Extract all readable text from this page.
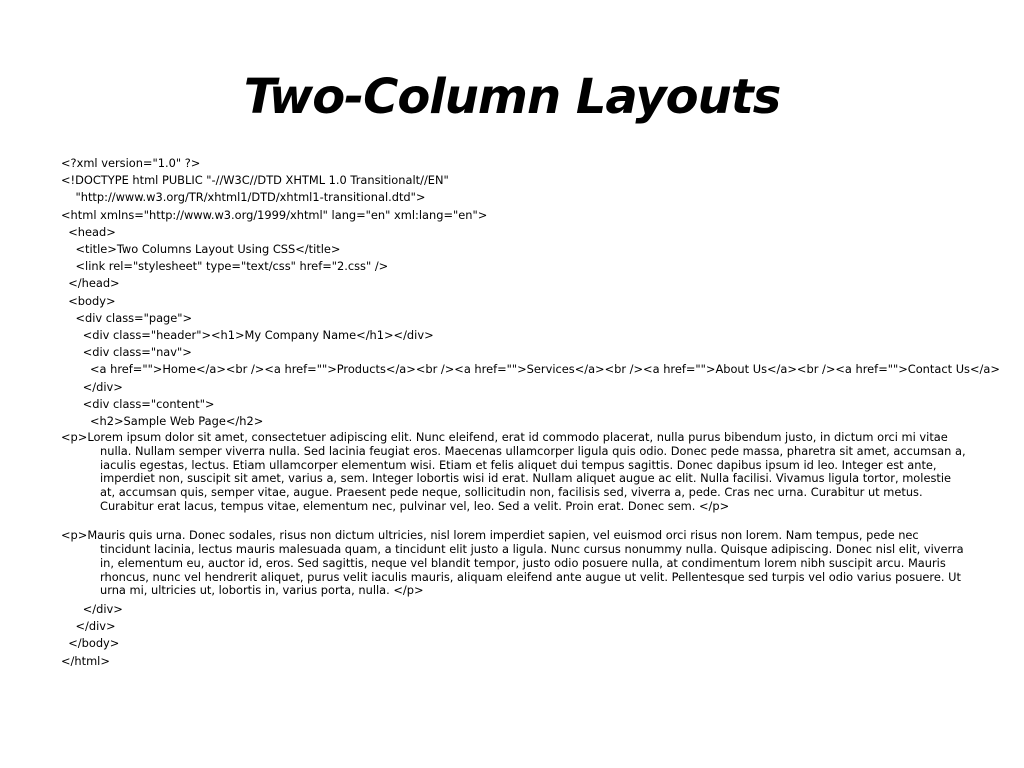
Two-Column Layouts
<?xml version="1.0" ?>
<!DOCTYPE html PUBLIC "-//W3C//DTD XHTML 1.0 Transitionalt//EN"
"http://www.w3.org/TR/xhtml1/DTD/xhtml1-transitional.dtd">
<html xmlns="http://www.w3.org/1999/xhtml" lang="en" xml:lang="en">
<head>
<title>Two Columns Layout Using CSS</title>
<link rel="stylesheet" type="text/css" href="2.css" />
</head>
<body>
<div class="page">
<div class="header"><h1>My Company Name</h1></div>
<div class="nav">
<a href="">Home</a><br /><a href="">Products</a><br /><a href="">Services</a><br /><a href="">About Us</a><br /><a href="">Contact Us</a>
</div>
<div class="content">
<h2>Sample Web Page</h2>
<p>Lorem ipsum dolor sit amet, consectetuer adipiscing elit. Nunc eleifend, erat id commodo placerat, nulla purus bibendum justo, in dictum orci mi vitae nulla. Nullam semper viverra nulla. Sed lacinia feugiat eros. Maecenas ullamcorper ligula quis odio. Donec pede massa, pharetra sit amet, accumsan a, iaculis egestas, lectus. Etiam ullamcorper elementum wisi. Etiam et felis aliquet dui tempus sagittis. Donec dapibus ipsum id leo. Integer est ante, imperdiet non, suscipit sit amet, varius a, sem. Integer lobortis wisi id erat. Nullam aliquet augue ac elit. Nulla facilisi. Vivamus ligula tortor, molestie at, accumsan quis, semper vitae, augue. Praesent pede neque, sollicitudin non, facilisis sed, viverra a, pede. Cras nec urna. Curabitur ut metus. Curabitur erat lacus, tempus vitae, elementum nec, pulvinar vel, leo. Sed a velit. Proin erat. Donec sem. </p>
<p>Mauris quis urna. Donec sodales, risus non dictum ultricies, nisl lorem imperdiet sapien, vel euismod orci risus non lorem. Nam tempus, pede nec tincidunt lacinia, lectus mauris malesuada quam, a tincidunt elit justo a ligula. Nunc cursus nonummy nulla. Quisque adipiscing. Donec nisl elit, viverra in, elementum eu, auctor id, eros. Sed sagittis, neque vel blandit tempor, justo odio posuere nulla, at condimentum lorem nibh suscipit arcu. Mauris rhoncus, nunc vel hendrerit aliquet, purus velit iaculis mauris, aliquam eleifend ante augue ut velit. Pellentesque sed turpis vel odio varius posuere. Ut urna mi, ultricies ut, lobortis in, varius porta, nulla. </p>
</div>
</div>
</body>
</html>
